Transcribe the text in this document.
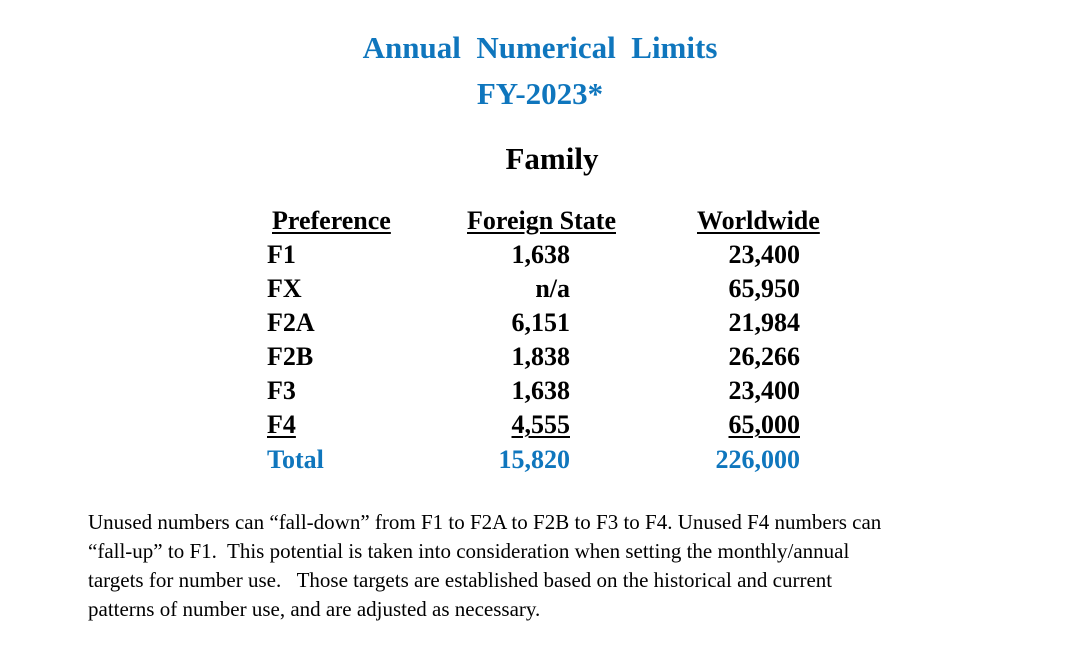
Annual  Numerical  Limits
FY-2023*
Family
Preference	Foreign State	Worldwide
F1	1,638	23,400
FX	n/a	65,950
F2A	6,151	21,984
F2B	1,838	26,266
F3	1,638	23,400
F4	4,555	65,000
Total	15,820	226,000
Unused numbers can “fall-down” from F1 to F2A to F2B to F3 to F4. Unused F4 numbers can
“fall-up” to F1.  This potential is taken into consideration when setting the monthly/annual
targets for number use.   Those targets are established based on the historical and current
patterns of number use, and are adjusted as necessary.
